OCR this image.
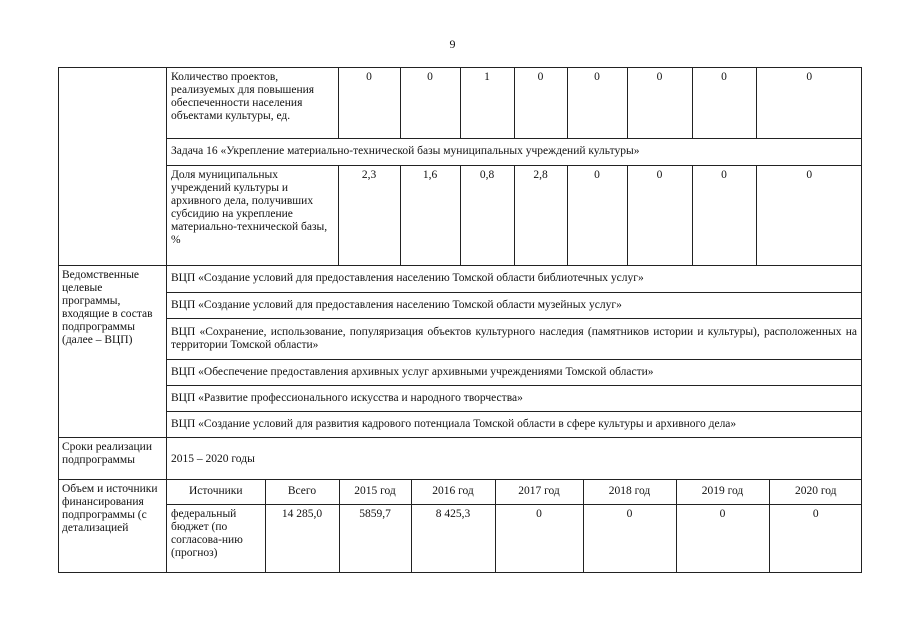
9

Количество проектов, реализуемых для повышения обеспеченности населения объектами культуры, ед.	0	0	1	0	0	0	0	0
Задача 16 «Укрепление материально-технической базы муниципальных учреждений культуры»
Доля муниципальных учреждений культуры и архивного дела, получивших субсидию на укрепление материально-технической базы, %	2,3	1,6	0,8	2,8	0	0	0	0

Ведомственные целевые программы, входящие в состав подпрограммы (далее – ВЦП)	
ВЦП «Создание условий для предоставления населению Томской области библиотечных услуг»
ВЦП «Создание условий для предоставления населению Томской области музейных услуг»
ВЦП «Сохранение, использование, популяризация объектов культурного наследия (памятников истории и культуры), расположенных на территории Томской области»
ВЦП «Обеспечение предоставления архивных услуг архивными учреждениями Томской области»
ВЦП «Развитие профессионального искусства и народного творчества»
ВЦП «Создание условий для развития кадрового потенциала Томской области в сфере культуры и архивного дела»

Сроки реализации подпрограммы	2015 – 2020 годы
Объем и источники финансирования подпрограммы (с детализацией	
Источники	Всего	2015 год	2016 год	2017 год	2018 год	2019 год	2020 год
федеральный бюджет (по согласова-нию (прогноз)	14 285,0	5859,7	8 425,3	0	0	0	0
